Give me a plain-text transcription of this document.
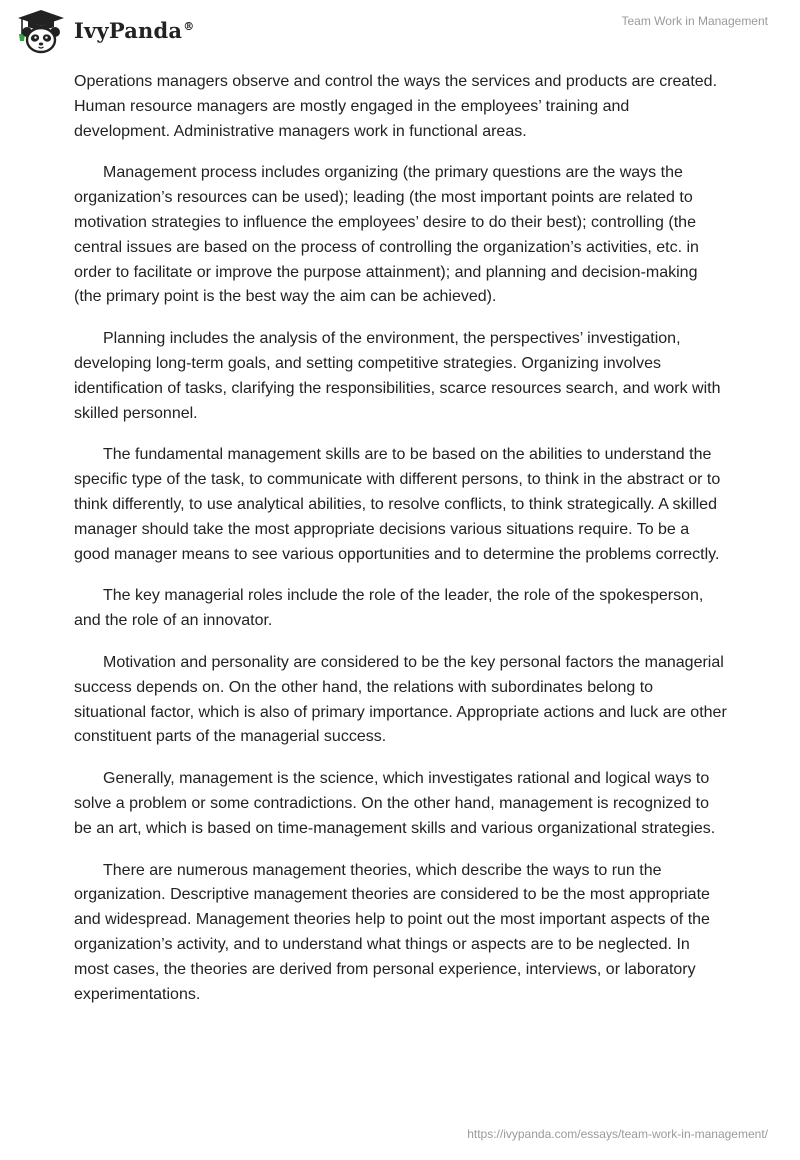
IvyPanda®	Team Work in Management

Operations managers observe and control the ways the services and products are created. Human resource managers are mostly engaged in the employees’ training and development. Administrative managers work in functional areas.

Management process includes organizing (the primary questions are the ways the organization’s resources can be used); leading (the most important points are related to motivation strategies to influence the employees’ desire to do their best); controlling (the central issues are based on the process of controlling the organization’s activities, etc. in order to facilitate or improve the purpose attainment); and planning and decision-making (the primary point is the best way the aim can be achieved).

Planning includes the analysis of the environment, the perspectives’ investigation, developing long-term goals, and setting competitive strategies. Organizing involves identification of tasks, clarifying the responsibilities, scarce resources search, and work with skilled personnel.

The fundamental management skills are to be based on the abilities to understand the specific type of the task, to communicate with different persons, to think in the abstract or to think differently, to use analytical abilities, to resolve conflicts, to think strategically. A skilled manager should take the most appropriate decisions various situations require. To be a good manager means to see various opportunities and to determine the problems correctly.

The key managerial roles include the role of the leader, the role of the spokesperson, and the role of an innovator.

Motivation and personality are considered to be the key personal factors the managerial success depends on. On the other hand, the relations with subordinates belong to situational factor, which is also of primary importance. Appropriate actions and luck are other constituent parts of the managerial success.

Generally, management is the science, which investigates rational and logical ways to solve a problem or some contradictions. On the other hand, management is recognized to be an art, which is based on time-management skills and various organizational strategies.

There are numerous management theories, which describe the ways to run the organization. Descriptive management theories are considered to be the most appropriate and widespread. Management theories help to point out the most important aspects of the organization’s activity, and to understand what things or aspects are to be neglected. In most cases, the theories are derived from personal experience, interviews, or laboratory experimentations.

https://ivypanda.com/essays/team-work-in-management/
